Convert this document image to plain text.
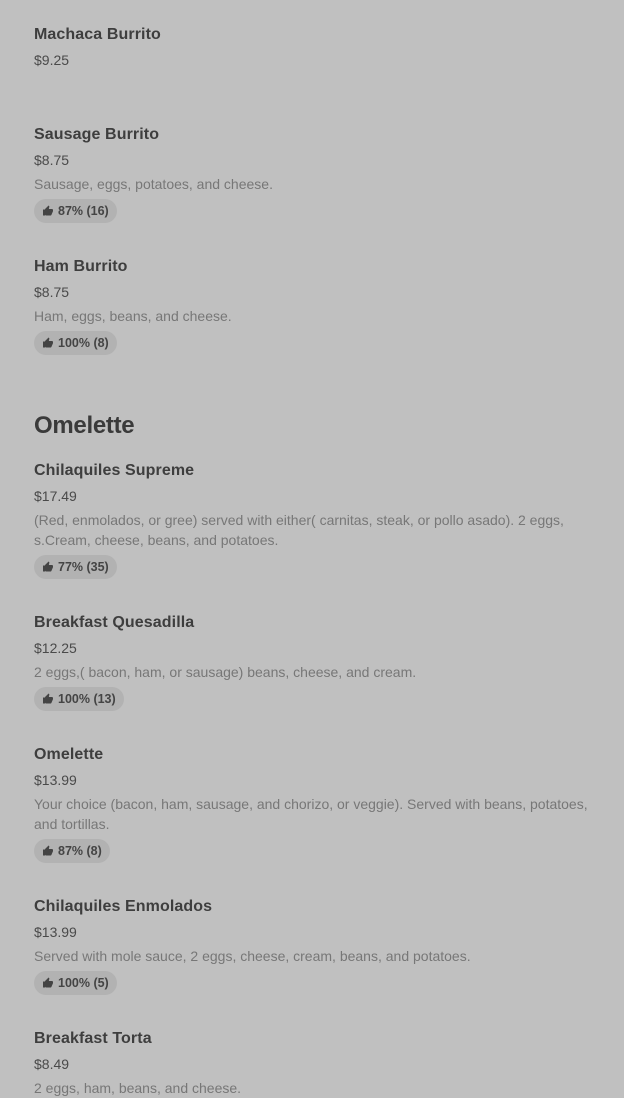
Machaca Burrito
$9.25
Sausage Burrito
$8.75
Sausage, eggs, potatoes, and cheese.
87% (16)
Ham Burrito
$8.75
Ham, eggs, beans, and cheese.
100% (8)
Omelette
Chilaquiles Supreme
$17.49
(Red, enmolados, or gree) served with either( carnitas, steak, or pollo asado). 2 eggs, s.Cream, cheese, beans, and potatoes.
77% (35)
Breakfast Quesadilla
$12.25
2 eggs,( bacon, ham, or sausage) beans, cheese, and cream.
100% (13)
Omelette
$13.99
Your choice (bacon, ham, sausage, and chorizo, or veggie). Served with beans, potatoes, and tortillas.
87% (8)
Chilaquiles Enmolados
$13.99
Served with mole sauce, 2 eggs, cheese, cream, beans, and potatoes.
100% (5)
Breakfast Torta
$8.49
2 eggs, ham, beans, and cheese.
